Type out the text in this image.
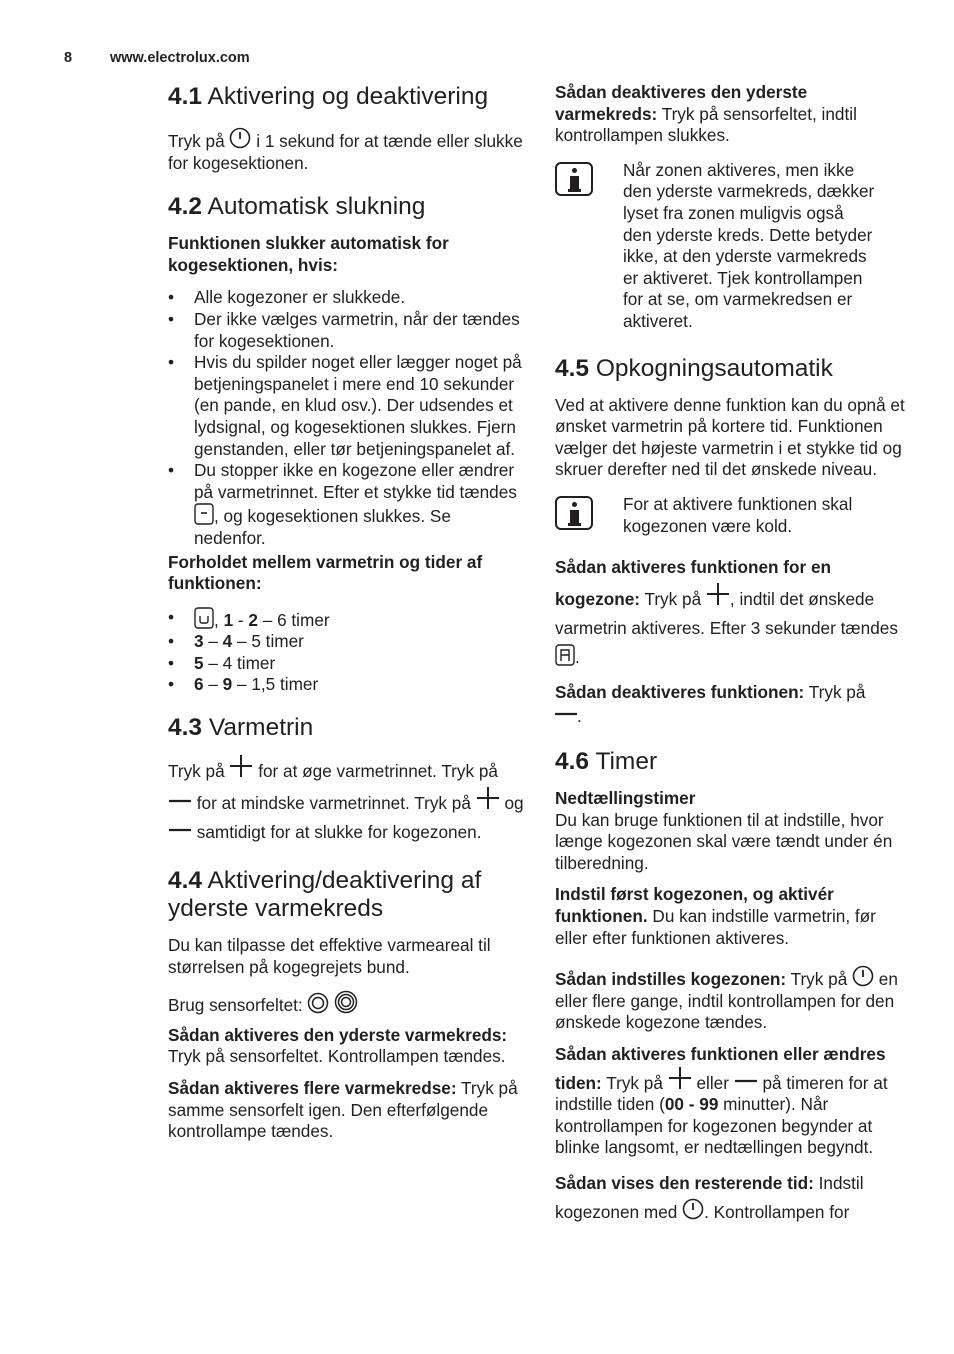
8	www.electrolux.com
4.1 Aktivering og deaktivering

Tryk på
i 1 sekund for at tænde eller slukke for kogesektionen.

4.2 Automatisk slukning

Funktionen slukker automatisk for kogesektionen, hvis:

• Alle kogezoner er slukkede.
• Der ikke vælges varmetrin, når der tændes for kogesektionen.
• Hvis du spilder noget eller lægger noget på betjeningspanelet i mere end 10 sekunder (en pande, en klud osv.). Der udsendes et lydsignal, og kogesektionen slukkes. Fjern genstanden, eller tør betjeningspanelet af.
• Du stopper ikke en kogezone eller ændrer på varmetrinnet. Efter et stykke tid tændes
, og kogesektionen slukkes. Se nedenfor.

Forholdet mellem varmetrin og tider af funktionen:

• , 1 - 2 – 6 timer
• 3 – 4 – 5 timer
• 5 – 4 timer
• 6 – 9 – 1,5 timer
4.3 Varmetrin

Tryk på
for at øge varmetrinnet. Tryk på
for at mindske varmetrinnet. Tryk på
og
samtidigt for at slukke for kogezonen.

4.4 Aktivering/deaktivering af yderste varmekreds

Du kan tilpasse det effektive varmeareal til størrelsen på kogegrejets bund.

Brug sensorfeltet:

Sådan aktiveres den yderste varmekreds: Tryk på sensorfeltet. Kontrollampen tændes.

Sådan aktiveres flere varmekredse: Tryk på samme sensorfelt igen. Den efterfølgende kontrollampe tændes.

Sådan deaktiveres den yderste varmekreds: Tryk på sensorfeltet, indtil kontrollampen slukkes.

Når zonen aktiveres, men ikke den yderste varmekreds, dækker lyset fra zonen muligvis også den yderste kreds. Dette betyder ikke, at den yderste varmekreds er aktiveret. Tjek kontrollampen for at se, om varmekredsen er aktiveret.
4.5 Opkogningsautomatik

Ved at aktivere denne funktion kan du opnå et ønsket varmetrin på kortere tid. Funktionen vælger det højeste varmetrin i et stykke tid og skruer derefter ned til det ønskede niveau.

For at aktivere funktionen skal kogezonen være kold.

Sådan aktiveres funktionen for en kogezone: Tryk på
, indtil det ønskede varmetrin aktiveres. Efter 3 sekunder tændes
.

Sådan deaktiveres funktionen: Tryk på

.

4.6 Timer

Nedtællingstimer
Du kan bruge funktionen til at indstille, hvor længe kogezonen skal være tændt under én tilberedning.

Indstil først kogezonen, og aktivér funktionen. Du kan indstille varmetrin, før eller efter funktionen aktiveres.

Sådan indstilles kogezonen: Tryk på
en eller flere gange, indtil kontrollampen for den ønskede kogezone tændes.

Sådan aktiveres funktionen eller ændres tiden: Tryk på
eller
på timeren for at indstille tiden (00 - 99 minutter). Når kontrollampen for kogezonen begynder at blinke langsomt, er nedtællingen begyndt.

Sådan vises den resterende tid: Indstil kogezonen med
. Kontrollampen for
